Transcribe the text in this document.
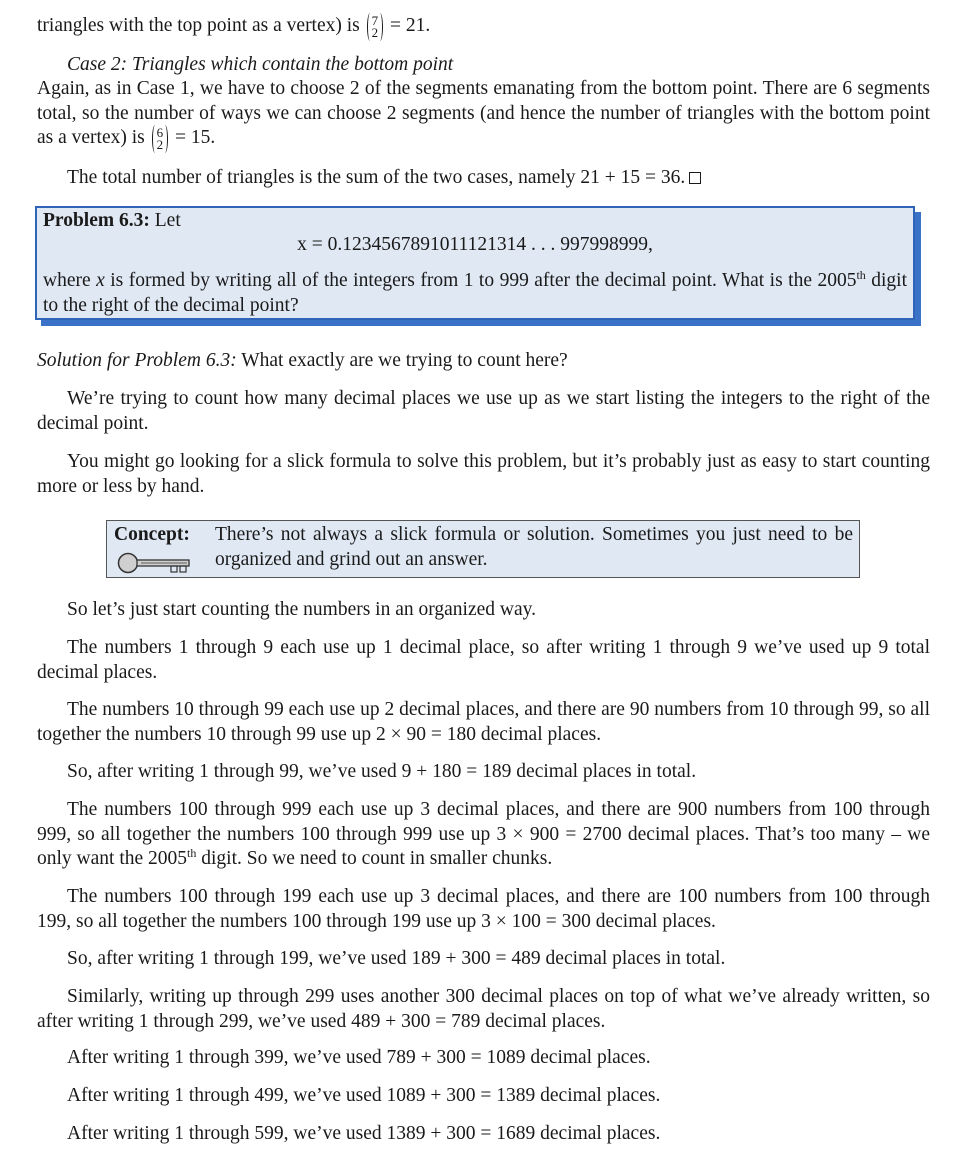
triangles with the top point as a vertex) is 7
2 = 21.
Case 2: Triangles which contain the bottom point
Again, as in Case 1, we have to choose 2 of the segments emanating from the bottom point. There are 6 segments total, so the number of ways we can choose 2 segments (and hence the number of triangles with the bottom point as a vertex) is 6
2 = 15.
The total number of triangles is the sum of the two cases, namely 21 + 15 = 36.
Problem 6.3: Let
x = 0.1234567891011121314 . . . 997998999,
where x is formed by writing all of the integers from 1 to 999 after the decimal point. What is the 2005th digit to the right of the decimal point?
Solution for Problem 6.3: What exactly are we trying to count here?
We’re trying to count how many decimal places we use up as we start listing the integers to the right of the decimal point.
You might go looking for a slick formula to solve this problem, but it’s probably just as easy to start counting more or less by hand.
Concept: There’s not always a slick formula or solution. Sometimes you just need to be organized and grind out an answer.
So let’s just start counting the numbers in an organized way.
The numbers 1 through 9 each use up 1 decimal place, so after writing 1 through 9 we’ve used up 9 total decimal places.
The numbers 10 through 99 each use up 2 decimal places, and there are 90 numbers from 10 through 99, so all together the numbers 10 through 99 use up 2 × 90 = 180 decimal places.
So, after writing 1 through 99, we’ve used 9 + 180 = 189 decimal places in total.
The numbers 100 through 999 each use up 3 decimal places, and there are 900 numbers from 100 through 999, so all together the numbers 100 through 999 use up 3 × 900 = 2700 decimal places. That’s too many – we only want the 2005th digit. So we need to count in smaller chunks.
The numbers 100 through 199 each use up 3 decimal places, and there are 100 numbers from 100 through 199, so all together the numbers 100 through 199 use up 3 × 100 = 300 decimal places.
So, after writing 1 through 199, we’ve used 189 + 300 = 489 decimal places in total.
Similarly, writing up through 299 uses another 300 decimal places on top of what we’ve already written, so after writing 1 through 299, we’ve used 489 + 300 = 789 decimal places.
After writing 1 through 399, we’ve used 789 + 300 = 1089 decimal places.
After writing 1 through 499, we’ve used 1089 + 300 = 1389 decimal places.
After writing 1 through 599, we’ve used 1389 + 300 = 1689 decimal places.
